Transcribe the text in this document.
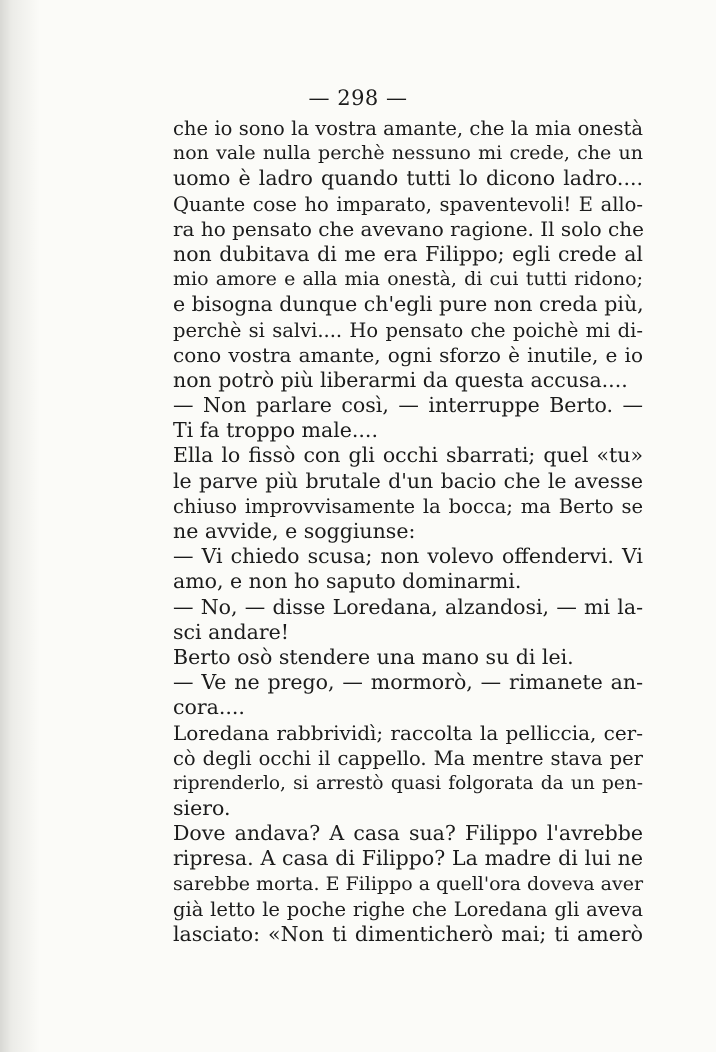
— 298 —
che io sono la vostra amante, che la mia onestà
non vale nulla perchè nessuno mi crede, che un
uomo è ladro quando tutti lo dicono ladro....
Quante cose ho imparato, spaventevoli! E allo-
ra ho pensato che avevano ragione. Il solo che
non dubitava di me era Filippo; egli crede al
mio amore e alla mia onestà, di cui tutti ridono;
e bisogna dunque ch'egli pure non creda più,
perchè si salvi.... Ho pensato che poichè mi di-
cono vostra amante, ogni sforzo è inutile, e io
non potrò più liberarmi da questa accusa....
— Non parlare così, — interruppe Berto. —
Ti fa troppo male....
Ella lo fissò con gli occhi sbarrati; quel «tu»
le parve più brutale d'un bacio che le avesse
chiuso improvvisamente la bocca; ma Berto se
ne avvide, e soggiunse:
— Vi chiedo scusa; non volevo offendervi. Vi
amo, e non ho saputo dominarmi.
— No, — disse Loredana, alzandosi, — mi la-
sci andare!
Berto osò stendere una mano su di lei.
— Ve ne prego, — mormorò, — rimanete an-
cora....
Loredana rabbrividì; raccolta la pelliccia, cer-
cò degli occhi il cappello. Ma mentre stava per
riprenderlo, si arrestò quasi folgorata da un pen-
siero.
Dove andava? A casa sua? Filippo l'avrebbe
ripresa. A casa di Filippo? La madre di lui ne
sarebbe morta. E Filippo a quell'ora doveva aver
già letto le poche righe che Loredana gli aveva
lasciato: «Non ti dimenticherò mai; ti amerò
